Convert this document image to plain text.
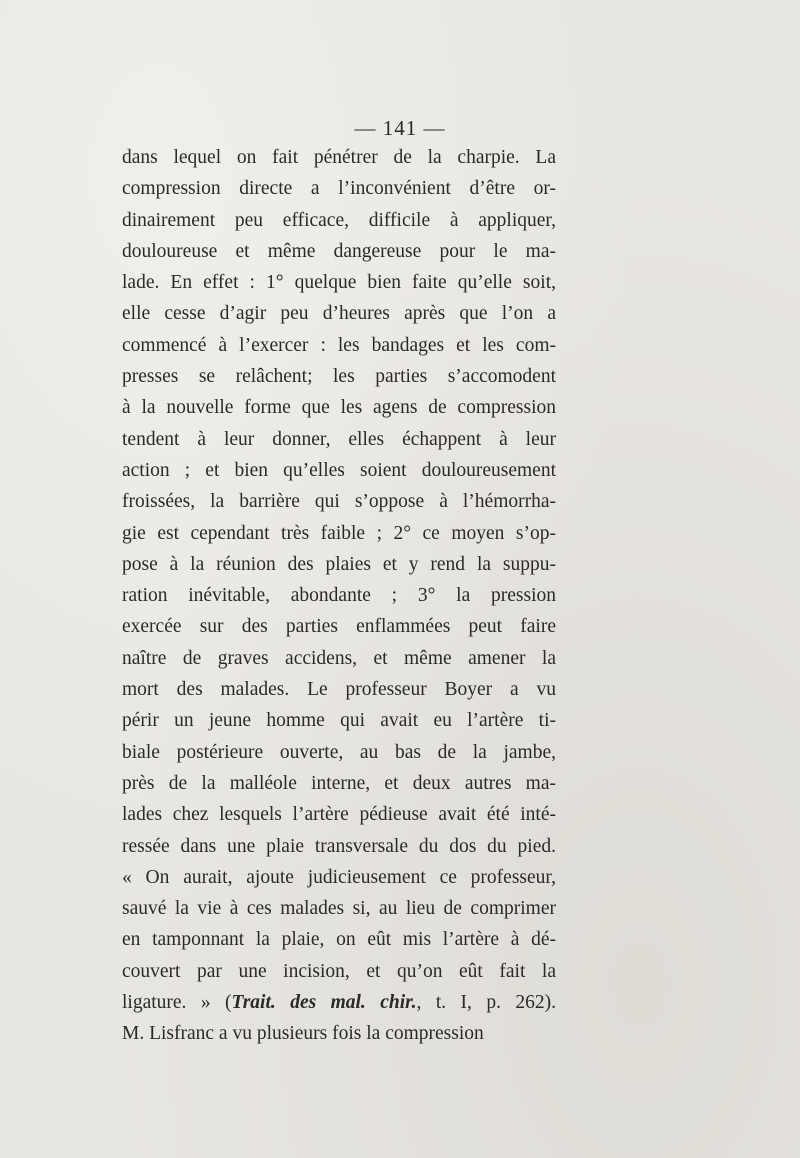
— 141 —
dans lequel on fait pénétrer de la charpie. La
compression directe a l’inconvénient d’être or-
dinairement peu efficace, difficile à appliquer,
douloureuse et même dangereuse pour le ma-
lade. En effet : 1° quelque bien faite qu’elle soit,
elle cesse d’agir peu d’heures après que l’on a
commencé à l’exercer : les bandages et les com-
presses se relâchent; les parties s’accomodent
à la nouvelle forme que les agens de compression
tendent à leur donner, elles échappent à leur
action ; et bien qu’elles soient douloureusement
froissées, la barrière qui s’oppose à l’hémorrha-
gie est cependant très faible ; 2° ce moyen s’op-
pose à la réunion des plaies et y rend la suppu-
ration inévitable, abondante ; 3° la pression
exercée sur des parties enflammées peut faire
naître de graves accidens, et même amener la
mort des malades. Le professeur Boyer a vu
périr un jeune homme qui avait eu l’artère ti-
biale postérieure ouverte, au bas de la jambe,
près de la malléole interne, et deux autres ma-
lades chez lesquels l’artère pédieuse avait été inté-
ressée dans une plaie transversale du dos du pied.
« On aurait, ajoute judicieusement ce professeur,
sauvé la vie à ces malades si, au lieu de comprimer
en tamponnant la plaie, on eût mis l’artère à dé-
couvert par une incision, et qu’on eût fait la
ligature. » (Trait. des mal. chir., t. I, p. 262).
M. Lisfranc a vu plusieurs fois la compression
